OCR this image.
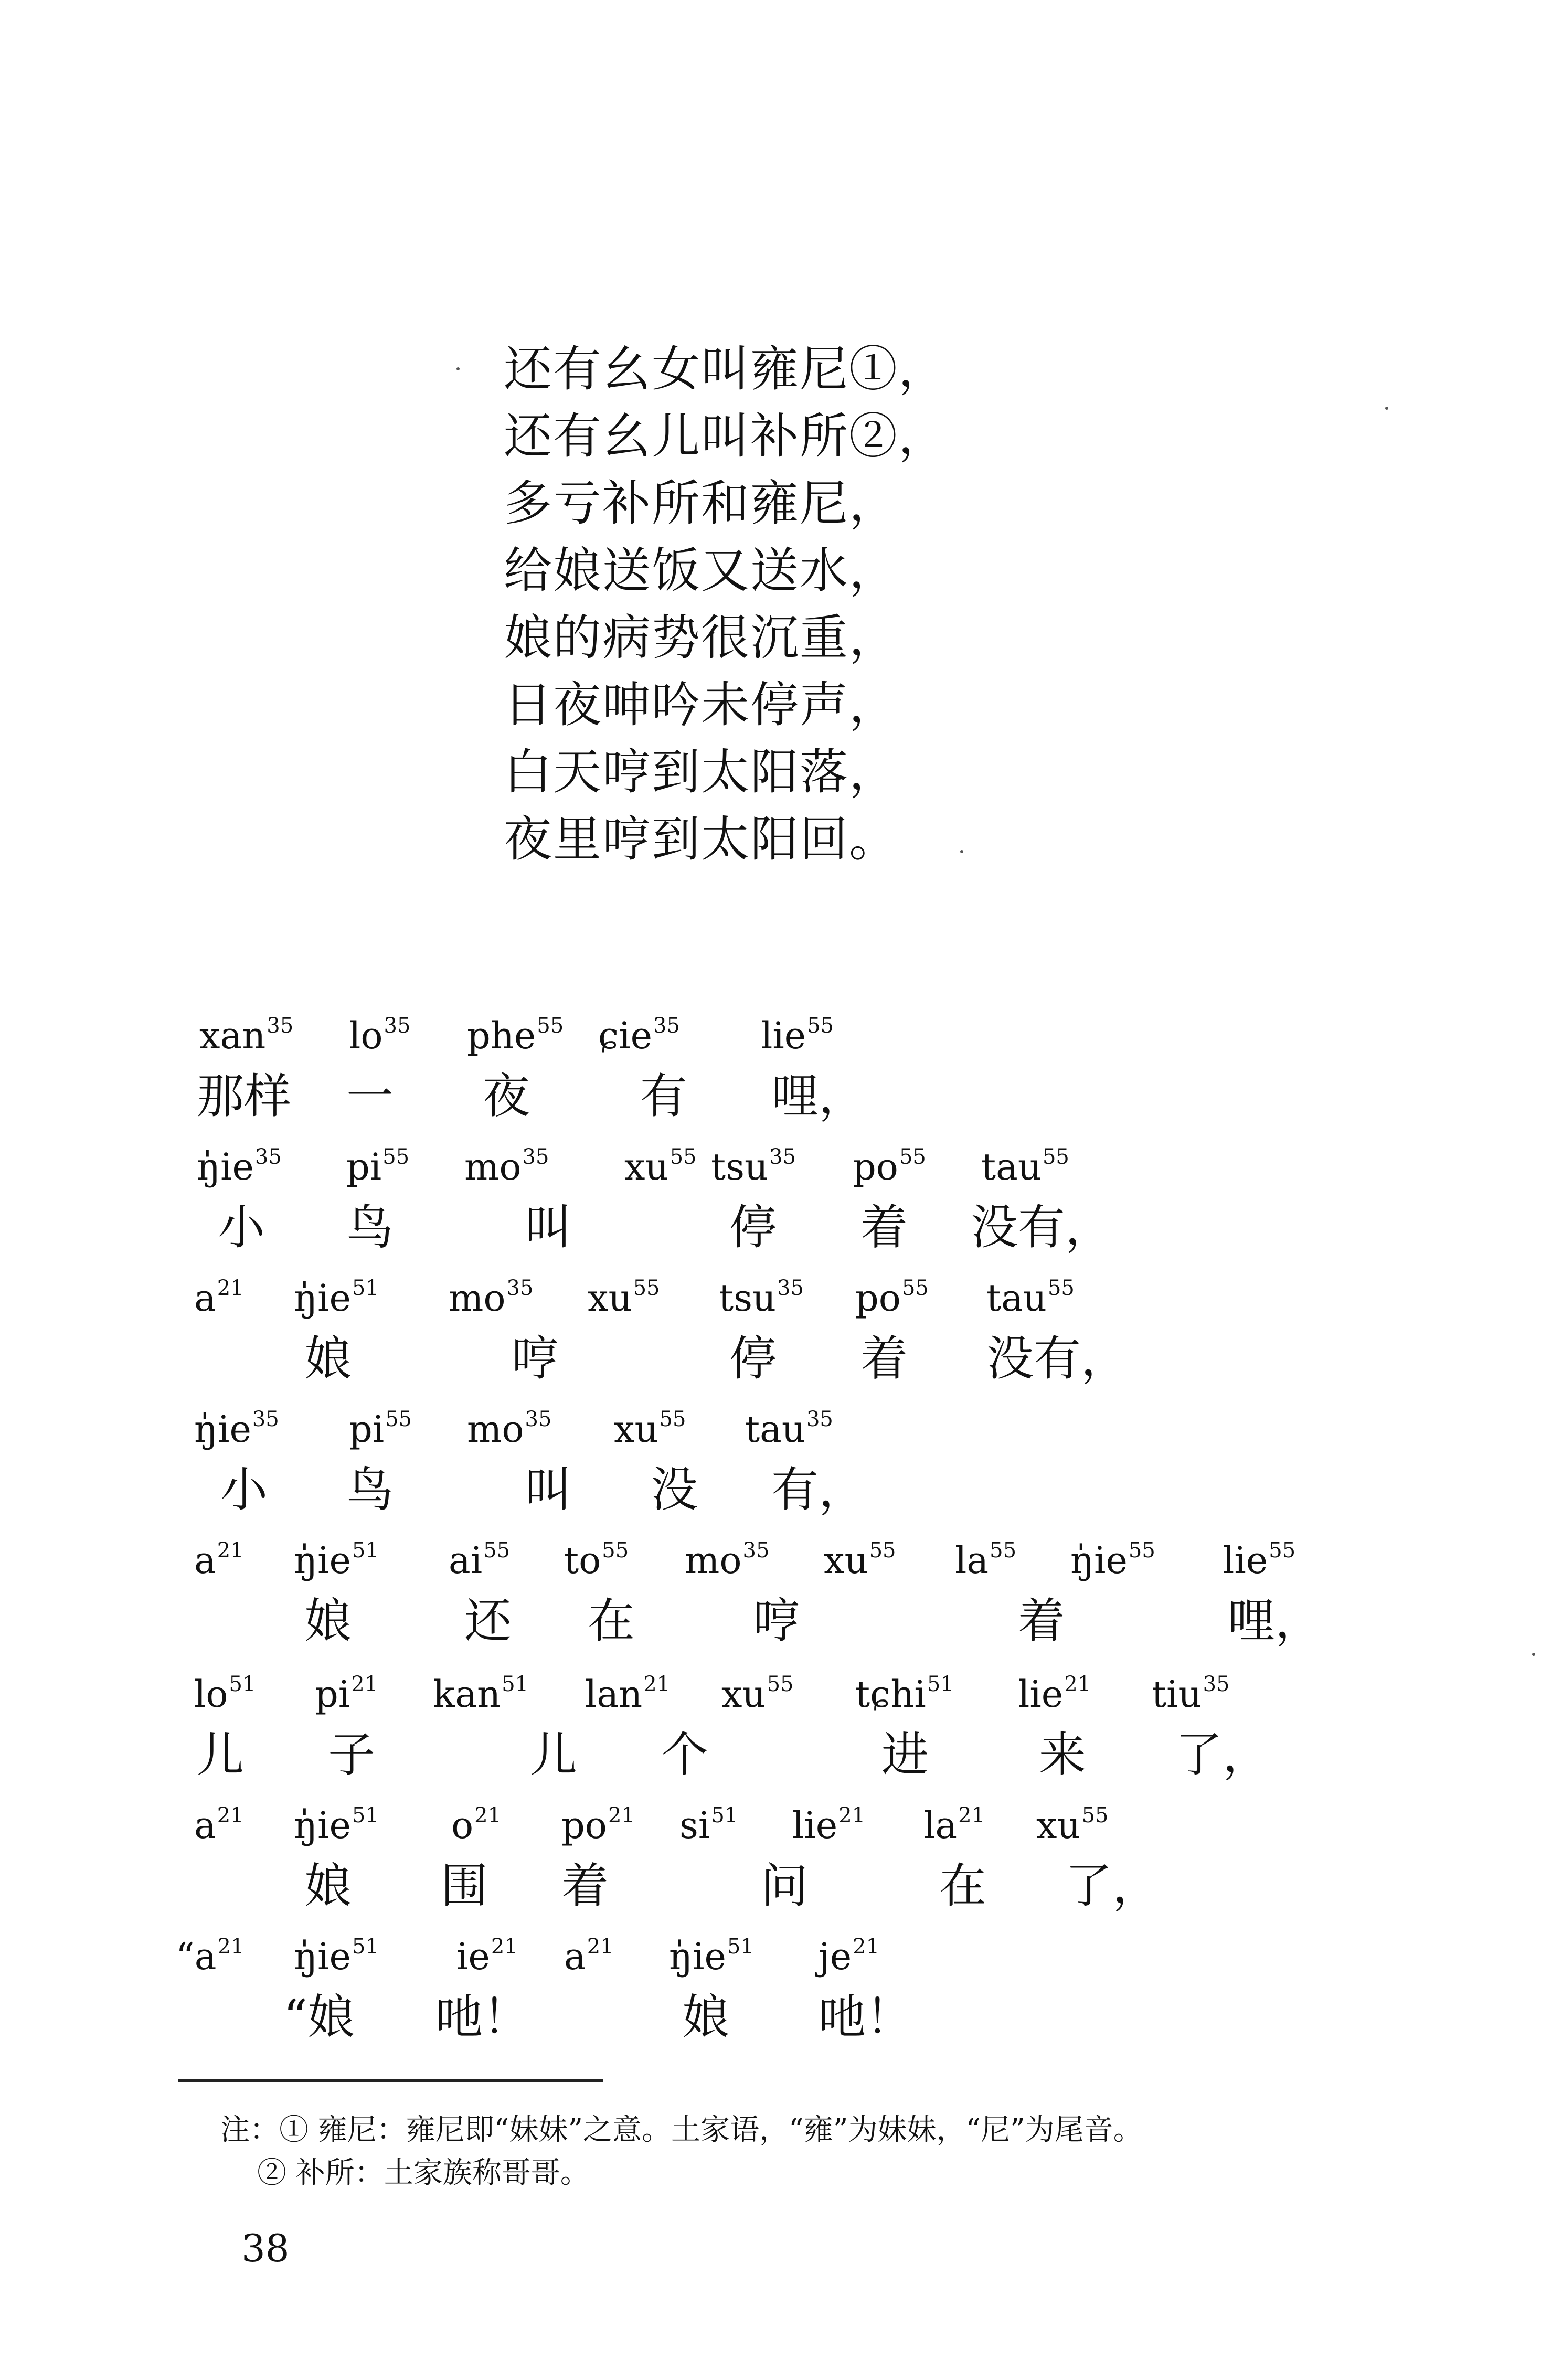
还有幺女叫雍尼①，
还有幺儿叫补所②，
多亏补所和雍尼，
给娘送饭又送水，
娘的病势很沉重，
日夜呻吟未停声，
白天哼到太阳落，
夜里哼到太阳回。
xan$^{35}$ $lo^{35}$ phe$^{55}$ ɕie$^{35}$ lie$^{55}$
那样 一 夜 有 哩，
$ŋ̍ie^{35}$ $pi^{55}$ $mo^{35}$ $xu^{55}$ tsu$^{35}$ $po^{55}$ tau$^{55}$
小 鸟	叫	停 着 没有，
$a^{21}$ $ŋ̍ie^{51}$ $mo^{35}$ $xu^{55}$ tsu$^{35}$ $po^{55}$ tau$^{55}$
娘	哼	停 着 没有，
$ŋ̍ie^{35}$ $pi^{55}$ $mo^{35}$ $xu^{55}$ tau$^{35}$
小 鸟	叫 没 有，
$a^{21}$ $ŋ̍ie^{51}$ $ai^{55}$ $to^{55}$ $mo^{35}$ $xu^{55}$ $la^{55}$ $ŋ̍ie^{55}$ lie$^{55}$
娘 还 在	哼	着	哩，
$lo^{51}$ $pi^{21}$ kan$^{51}$ lan$^{21}$ $xu^{55}$ tɕhi$^{51}$ lie$^{21}$ tiu$^{35}$
儿 子	儿 个	进 来 了，
$a^{21}$ $ŋ̍ie^{51}$ $o^{21}$ $po^{21}$ $si^{51}$ lie$^{21}$ $la^{21}$ $xu^{55}$
娘 围 着	问	在 了，
“$a^{21}$ $ŋ̍ie^{51}$ $ie^{21}$ $a^{21}$ $ŋ̍ie^{51}$ $je^{21}$
“娘 吔！	娘 吔！
注：① 雍尼：雍尼即“妹妹”之意。土家语，“雍”为妹妹，“尼”为尾音。
② 补所：土家族称哥哥。
38
